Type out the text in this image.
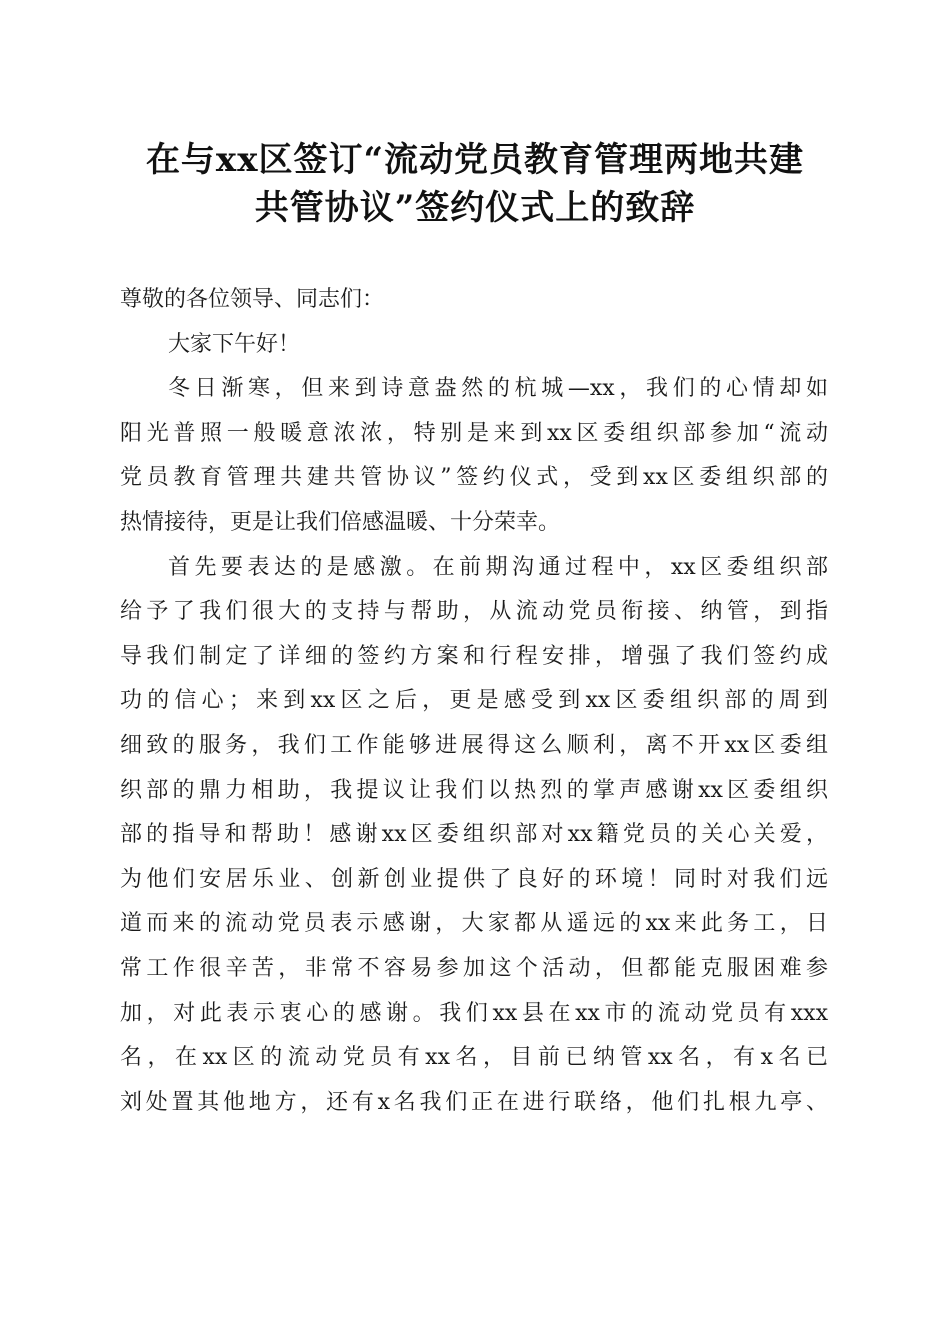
在与xx区签订“流动党员教育管理两地共建
共管协议”签约仪式上的致辞
尊敬的各位领导、同志们：
大家下午好！
冬日渐寒，但来到诗意盎然的杭城—xx，我们的心情却如
阳光普照一般暖意浓浓，特别是来到xx区委组织部参加“流动
党员教育管理共建共管协议”签约仪式，受到xx区委组织部的
热情接待，更是让我们倍感温暖、十分荣幸。
首先要表达的是感激。在前期沟通过程中，xx区委组织部
给予了我们很大的支持与帮助，从流动党员衔接、纳管，到指
导我们制定了详细的签约方案和行程安排，增强了我们签约成
功的信心；来到xx区之后，更是感受到xx区委组织部的周到
细致的服务，我们工作能够进展得这么顺利，离不开xx区委组
织部的鼎力相助，我提议让我们以热烈的掌声感谢xx区委组织
部的指导和帮助！感谢xx区委组织部对xx籍党员的关心关爱，
为他们安居乐业、创新创业提供了良好的环境！同时对我们远
道而来的流动党员表示感谢，大家都从遥远的xx来此务工，日
常工作很辛苦，非常不容易参加这个活动，但都能克服困难参
加，对此表示衷心的感谢。我们xx县在xx市的流动党员有xxx
名，在xx区的流动党员有xx名，目前已纳管xx名，有x名已
刘处置其他地方，还有x名我们正在进行联络，他们扎根九亭、
